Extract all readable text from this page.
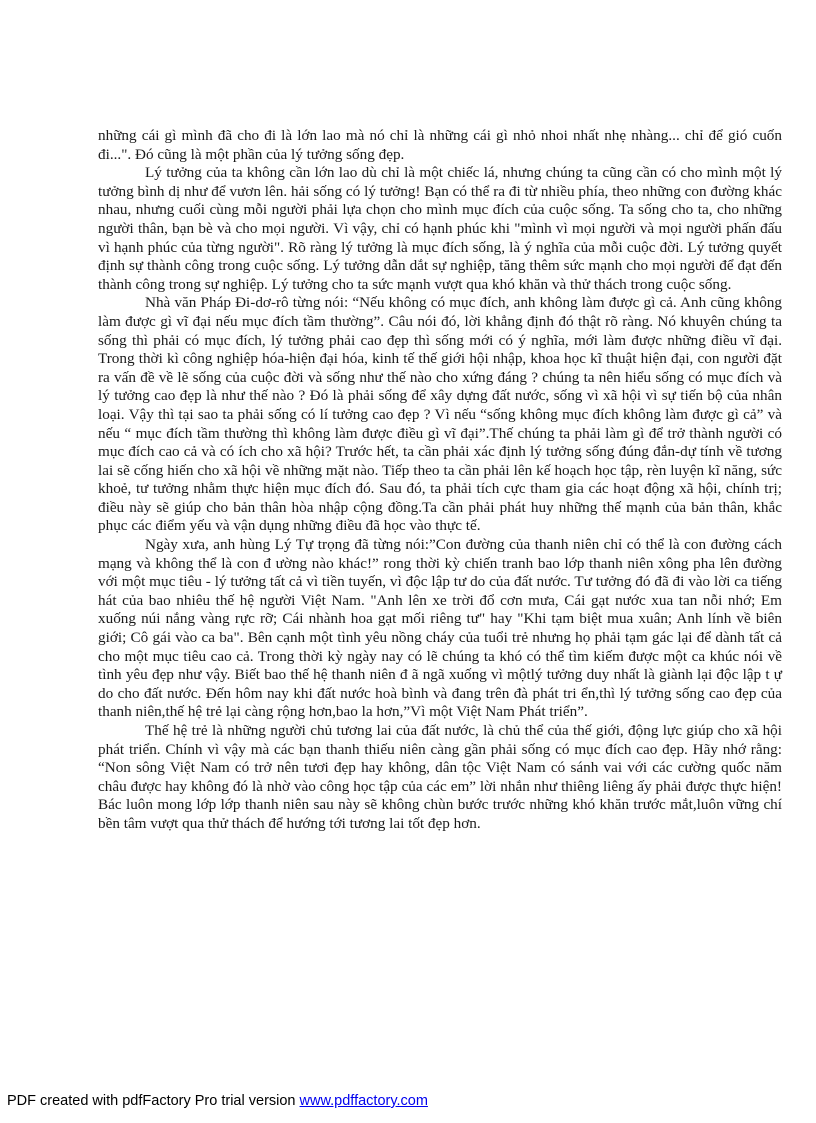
những cái gì mình đã cho đi là lớn lao mà nó chỉ là những cái gì nhỏ nhoi nhất nhẹ nhàng... chỉ để gió cuốn đi...". Đó cũng là một phần của lý tưởng sống đẹp.

Lý tưởng của ta không cần lớn lao dù chỉ là một chiếc lá, nhưng chúng ta cũng cần có cho mình một lý tưởng bình dị như để vươn lên. hải sống có lý tưởng! Bạn có thể ra đi từ nhiều phía, theo những con đường khác nhau, nhưng cuối cùng mỗi người phải lựa chọn cho mình mục đích của cuộc sống. Ta sống cho ta, cho những người thân, bạn bè và cho mọi người. Vì vậy, chỉ có hạnh phúc khi "mình vì mọi người và mọi người phấn đấu vì hạnh phúc của từng người". Rõ ràng lý tưởng là mục đích sống, là ý nghĩa của mỗi cuộc đời. Lý tưởng quyết định sự thành công trong cuộc sống. Lý tưởng dẫn dắt sự nghiệp, tăng thêm sức mạnh cho mọi người để đạt đến thành công trong sự nghiệp. Lý tưởng cho ta sức mạnh vượt qua khó khăn và thử thách trong cuộc sống.

Nhà văn Pháp Đi-dơ-rô từng nói: “Nếu không có mục đích, anh không làm được gì cả. Anh cũng không làm được gì vĩ đại nếu mục đích tầm thường”. Câu nói đó, lời khẳng định đó thật rõ ràng. Nó khuyên chúng ta sống thì phải có mục đích, lý tưởng phải cao đẹp thì sống mới có ý nghĩa, mới làm được những điều vĩ đại. Trong thời kì công nghiệp hóa-hiện đại hóa, kinh tế thế giới hội nhập, khoa học kĩ thuật hiện đại, con người đặt ra vấn đề về lẽ sống của cuộc đời và sống như thế nào cho xứng đáng ? chúng ta nên hiểu sống có mục đích và lý tưởng cao đẹp là như thế nào ? Đó là phải sống để xây dựng đất nước, sống vì xã hội vì sự tiến bộ của nhân loại. Vậy thì tại sao ta phải sống có lí tưởng cao đẹp ? Vì nếu “sống không mục đích không làm được gì cả” và nếu “ mục đích tầm thường thì không làm được điều gì vĩ đại”.Thế chúng ta phải làm gì để trở thành người có mục đích cao cả và có ích cho xã hội? Trước hết, ta cần phải xác định lý tưởng sống đúng đắn-dự tính về tương lai sẽ cống hiến cho xã hội về những mặt nào. Tiếp theo ta cần phải lên kế hoạch học tập, rèn luyện kĩ năng, sức khoẻ, tư tưởng nhằm thực hiện mục đích đó. Sau đó, ta phải tích cực tham gia các hoạt động xã hội, chính trị; điều này sẽ giúp cho bản thân hòa nhập cộng đồng.Ta cần phải phát huy những thế mạnh của bản thân, khắc phục các điểm yếu và vận dụng những điều đã học vào thực tế.

Ngày xưa, anh hùng Lý Tự trọng đã từng nói:”Con đường của thanh niên chỉ có thể là con đường cách mạng và không thể là con đ ường nào khác!” rong thời kỳ chiến tranh bao lớp thanh niên xông pha lên đường với một mục tiêu - lý tưởng tất cả vì tiền tuyến, vì độc lập tư do của đất nước. Tư tưởng đó đã đi vào lời ca tiếng hát của bao nhiêu thế hệ người Việt Nam. "Anh lên xe trời đổ cơn mưa, Cái gạt nước xua tan nỗi nhớ; Em xuống núi nắng vàng rực rỡ; Cái nhành hoa gạt mối riêng tư" hay "Khi tạm biệt mua xuân; Anh lính về biên giới; Cô gái vào ca ba". Bên cạnh một tình yêu nồng cháy của tuổi trẻ nhưng họ phải tạm gác lại để dành tất cả cho một mục tiêu cao cả. Trong thời kỳ ngày nay có lẽ chúng ta khó có thể tìm kiếm được một ca khúc nói về tình yêu đẹp như vậy. Biết bao thế hệ thanh niên đ ã ngã xuống vì mộtlý tưởng duy nhất là giành lại độc lập t ự do cho đất nước. Đến hôm nay khi đất nước hoà bình và đang trên đà phát tri ển,thì lý tưởng sống cao đẹp của thanh niên,thế hệ trẻ lại càng rộng hơn,bao la hơn,”Vì một Việt Nam Phát triển”.

Thế hệ trẻ là những người chủ tương lai của đất nước, là chủ thể của thế giới, động lực giúp cho xã hội phát triển. Chính vì vậy mà các bạn thanh thiếu niên càng gần phải sống có mục đích cao đẹp. Hãy nhớ rằng: “Non sông Việt Nam có trở nên tươi đẹp hay không, dân tộc Việt Nam có sánh vai với các cường quốc năm châu được hay không đó là nhờ vào công học tập của các em” lời nhắn như thiêng liêng ấy phải được thực hiện! Bác luôn mong lớp lớp thanh niên sau này sẽ không chùn bước trước những khó khăn trước mắt,luôn vững chí bền tâm vượt qua thử thách để hướng tới tương lai tốt đẹp hơn.

PDF created with pdfFactory Pro trial version www.pdffactory.com
